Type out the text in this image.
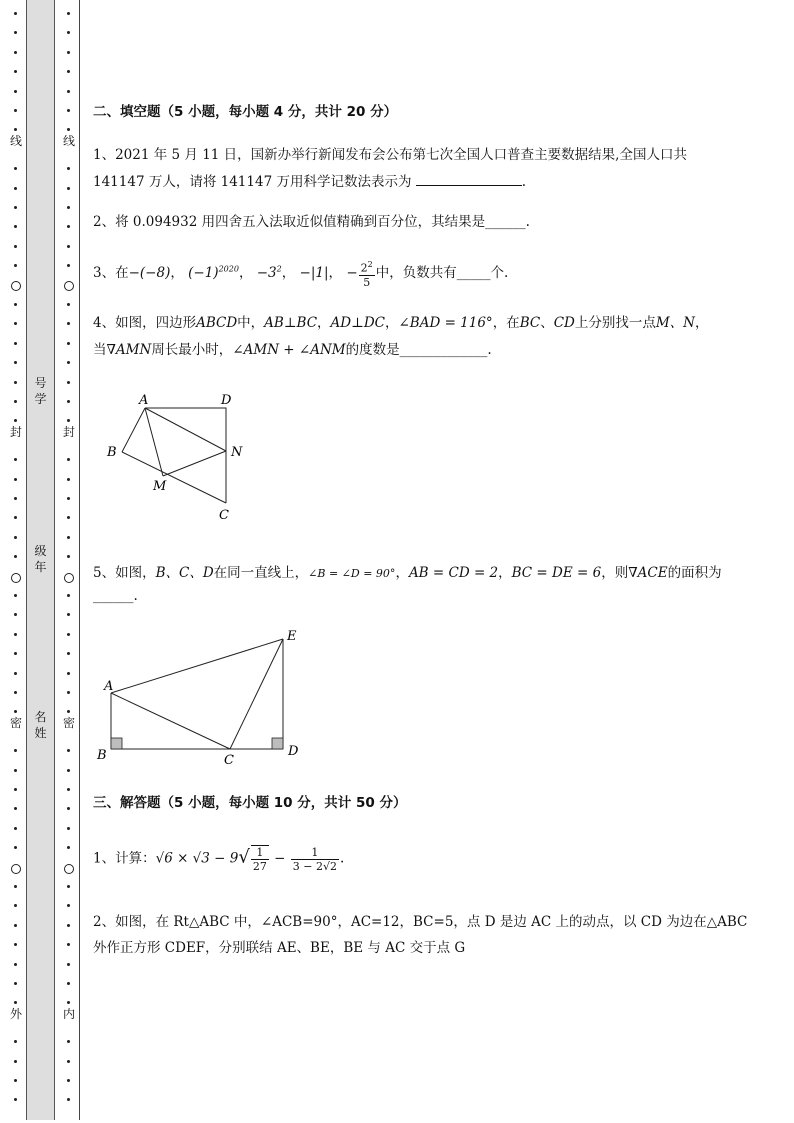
线
封
密
外
号
学
级
年
名
姓
线
封
密
内
二、填空题（5 小题，每小题 4 分，共计 20 分）
1、2021 年 5 月 11 日，国新办举行新闻发布会公布第七次全国人口普查主要数据结果,全国人口共
141147 万人，请将 141147 万用科学记数法表示为	.
2、将 0.094932 用四舍五入法取近似值精确到百分位，其结果是______.
3、在−(−8)， $(-1)^{2020}$， $-3^2$， −|1|， − $\frac{2^2}{5}$ 中，负数共有_____个.
4、如图，四边形ABCD中，AB⊥BC，AD⊥DC，∠BAD = 116°，在BC、CD上分别找一点M、N，
当∇AMN周长最小时，∠AMN + ∠ANM的度数是_____________.
A	D
B	N
M
C
5、如图，B、C、D在同一直线上，∠B = ∠D = 90°，AB = CD = 2，BC = DE = 6，则∇ACE的面积为
______.
A
E
B	C
D
三、解答题（5 小题，每小题 10 分，共计 50 分）
1、计算：$√6 \times √3 - 9√ \frac{1}{27} - \frac{1}{3 - 2√2}$ .
2、如图，在 Rt△ABC 中，∠ACB=90°，AC=12，BC=5，点 D 是边 AC 上的动点，以 CD 为边在△ABC
外作正方形 CDEF，分别联结 AE、BE，BE 与 AC 交于点 G
